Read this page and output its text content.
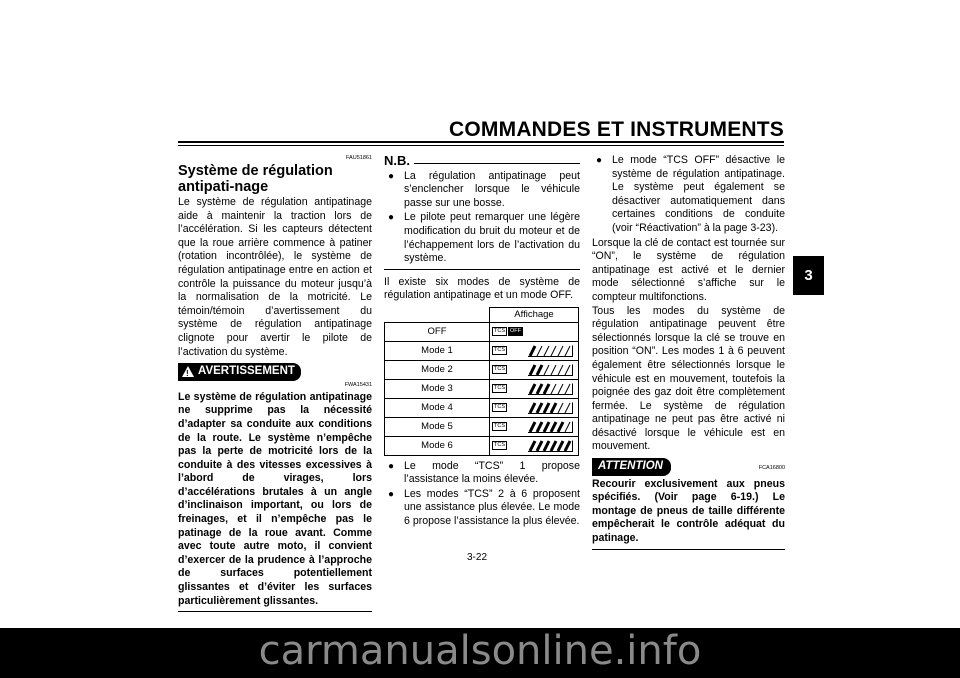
COMMANDES ET INSTRUMENTS
3
FAU51861
Système de régulation antipati-nage

Le système de régulation antipatinage aide à maintenir la traction lors de l’accélération. Si les capteurs détectent que la roue arrière commence à patiner (rotation incontrôlée), le système de régulation antipatinage entre en action et contrôle la puissance du moteur jusqu’à la normalisation de la motricité. Le témoin/témoin d’avertissement du système de régulation antipatinage clignote pour avertir le pilote de l’activation du système.

!
AVERTISSEMENT
FWA15431

Le système de régulation antipatinage ne supprime pas la nécessité d’adapter sa conduite aux conditions de la route. Le système n’empêche pas la perte de motricité lors de la conduite à des vitesses excessives à l’abord de virages, lors d’accélérations brutales à un angle d’inclinaison important, ou lors de freinages, et il n’empêche pas le patinage de la roue avant. Comme avec toute autre moto, il convient d’exercer de la prudence à l’approche de surfaces potentiellement glissantes et d’éviter les surfaces particulièrement glissantes.

N.B.
● La régulation antipatinage peut s’enclencher lorsque le véhicule passe sur une bosse.
● Le pilote peut remarquer une légère modification du bruit du moteur et de l’échappement lors de l’activation du système.

Il existe six modes de système de régulation antipatinage et un mode OFF.

	Affichage
OFF	TCS OFF

Mode 1	TCS

Mode 2	TCS

Mode 3	TCS

Mode 4	TCS

Mode 5	TCS

Mode 6	TCS
● Le mode “TCS” 1 propose l’assistance la moins élevée.
● Les modes “TCS” 2 à 6 proposent une assistance plus élevée. Le mode 6 propose l’assistance la plus élevée.
● Le mode “TCS OFF” désactive le système de régulation antipatinage. Le système peut également se désactiver automatiquement dans certaines conditions de conduite (voir “Réactivation” à la page 3-23).

Lorsque la clé de contact est tournée sur “ON”, le système de régulation antipatinage est activé et le dernier mode sélectionné s’affiche sur le compteur multifonctions.

Tous les modes du système de régulation antipatinage peuvent être sélectionnés lorsque la clé se trouve en position “ON”. Les modes 1 à 6 peuvent également être sélectionnés lorsque le véhicule est en mouvement, toutefois la poignée des gaz doit être complètement fermée. Le système de régulation antipatinage ne peut pas être activé ni désactivé lorsque le véhicule est en mouvement.

ATTENTION	FCA16800

Recourir exclusivement aux pneus spécifiés. (Voir page 6-19.) Le montage de pneus de taille différente empêcherait le contrôle adéquat du patinage.

3-22
carmanualsonline.info
